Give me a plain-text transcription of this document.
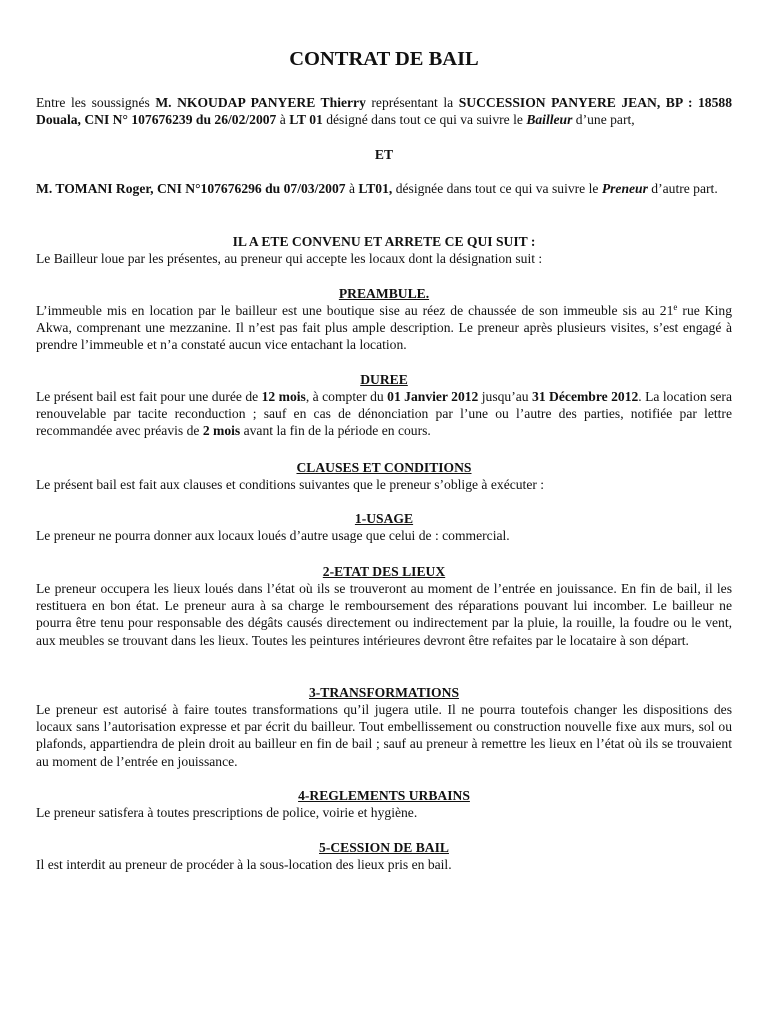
CONTRAT DE BAIL

Entre les soussignés M. NKOUDAP PANYERE Thierry représentant la SUCCESSION PANYERE JEAN, BP : 18588 Douala, CNI N° 107676239 du 26/02/2007 à LT 01 désigné dans tout ce qui va suivre le Bailleur d’une part,

ET

M. TOMANI Roger, CNI N°107676296 du 07/03/2007 à LT01, désignée dans tout ce qui va suivre le Preneur d’autre part.

IL A ETE CONVENU ET ARRETE CE QUI SUIT :

Le Bailleur loue par les présentes, au preneur qui accepte les locaux dont la désignation suit :

PREAMBULE.

L’immeuble mis en location par le bailleur est une boutique sise au réez de chaussée de son immeuble sis au 21e rue King Akwa, comprenant une mezzanine. Il n’est pas fait plus ample description. Le preneur après plusieurs visites, s’est engagé à prendre l’immeuble et n’a constaté aucun vice entachant la location.

DUREE

Le présent bail est fait pour une durée de 12 mois, à compter du 01 Janvier 2012 jusqu’au 31 Décembre 2012. La location sera renouvelable par tacite reconduction ; sauf en cas de dénonciation par l’une ou l’autre des parties, notifiée par lettre recommandée avec préavis de 2 mois avant la fin de la période en cours.

CLAUSES ET CONDITIONS

Le présent bail est fait aux clauses et conditions suivantes que le preneur s’oblige à exécuter :

1-USAGE

Le preneur ne pourra donner aux locaux loués d’autre usage que celui de : commercial.

2-ETAT DES LIEUX

Le preneur occupera les lieux loués dans l’état où ils se trouveront au moment de l’entrée en jouissance. En fin de bail, il les restituera en bon état. Le preneur aura à sa charge le remboursement des réparations pouvant lui incomber. Le bailleur ne pourra être tenu pour responsable des dégâts causés directement ou indirectement par la pluie, la rouille, la foudre ou le vent, aux meubles se trouvant dans les lieux. Toutes les peintures intérieures devront être refaites par le locataire à son départ.

3-TRANSFORMATIONS

Le preneur est autorisé à faire toutes transformations qu’il jugera utile. Il ne pourra toutefois changer les dispositions des locaux sans l’autorisation expresse et par écrit du bailleur. Tout embellissement ou construction nouvelle fixe aux murs, sol ou plafonds, appartiendra de plein droit au bailleur en fin de bail ; sauf au preneur à remettre les lieux en l’état où ils se trouvaient au moment de l’entrée en jouissance.

4-REGLEMENTS URBAINS

Le preneur satisfera à toutes prescriptions de police, voirie et hygiène.

5-CESSION DE BAIL

Il est interdit au preneur de procéder à la sous-location des lieux pris en bail.
